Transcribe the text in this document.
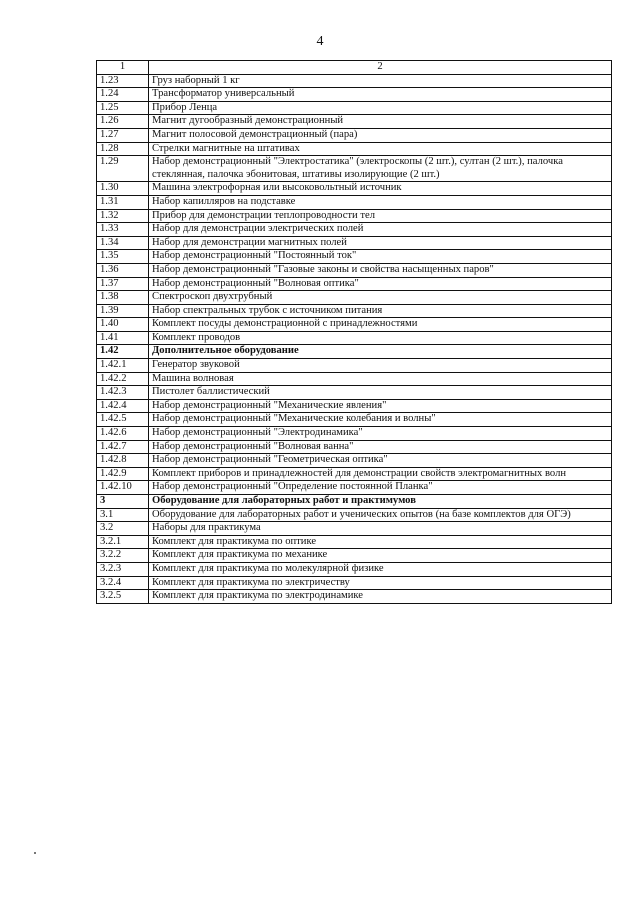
4
1	2
1.23	Груз наборный 1 кг
1.24	Трансформатор универсальный
1.25	Прибор Ленца
1.26	Магнит дугообразный демонстрационный
1.27	Магнит полосовой демонстрационный (пара)
1.28	Стрелки магнитные на штативах
1.29	Набор демонстрационный "Электростатика" (электроскопы (2 шт.), султан (2 шт.), палочка стеклянная, палочка эбонитовая, штативы изолирующие (2 шт.)
1.30	Машина электрофорная или высоковольтный источник
1.31	Набор капилляров на подставке
1.32	Прибор для демонстрации теплопроводности тел
1.33	Набор для демонстрации электрических полей
1.34	Набор для демонстрации магнитных полей
1.35	Набор демонстрационный "Постоянный ток"
1.36	Набор демонстрационный "Газовые законы и свойства насыщенных паров"
1.37	Набор демонстрационный "Волновая оптика"
1.38	Спектроскоп двухтрубный
1.39	Набор спектральных трубок с источником питания
1.40	Комплект посуды демонстрационной с принадлежностями
1.41	Комплект проводов
1.42	Дополнительное оборудование
1.42.1	Генератор звуковой
1.42.2	Машина волновая
1.42.3	Пистолет баллистический
1.42.4	Набор демонстрационный "Механические явления"
1.42.5	Набор демонстрационный "Механические колебания и волны"
1.42.6	Набор демонстрационный "Электродинамика"
1.42.7	Набор демонстрационный "Волновая ванна"
1.42.8	Набор демонстрационный "Геометрическая оптика"
1.42.9	Комплект приборов и принадлежностей для демонстрации свойств электромагнитных волн
1.42.10	Набор демонстрационный "Определение постоянной Планка"
3	Оборудование для лабораторных работ и практимумов
3.1	Оборудование для лабораторных работ и ученических опытов (на базе комплектов для ОГЭ)
3.2	Наборы для практикума
3.2.1	Комплект для практикума по оптике
3.2.2	Комплект для практикума по механике
3.2.3	Комплект для практикума по молекулярной физике
3.2.4	Комплект для практикума по электричеству
3.2.5	Комплект для практикума по электродинамике
